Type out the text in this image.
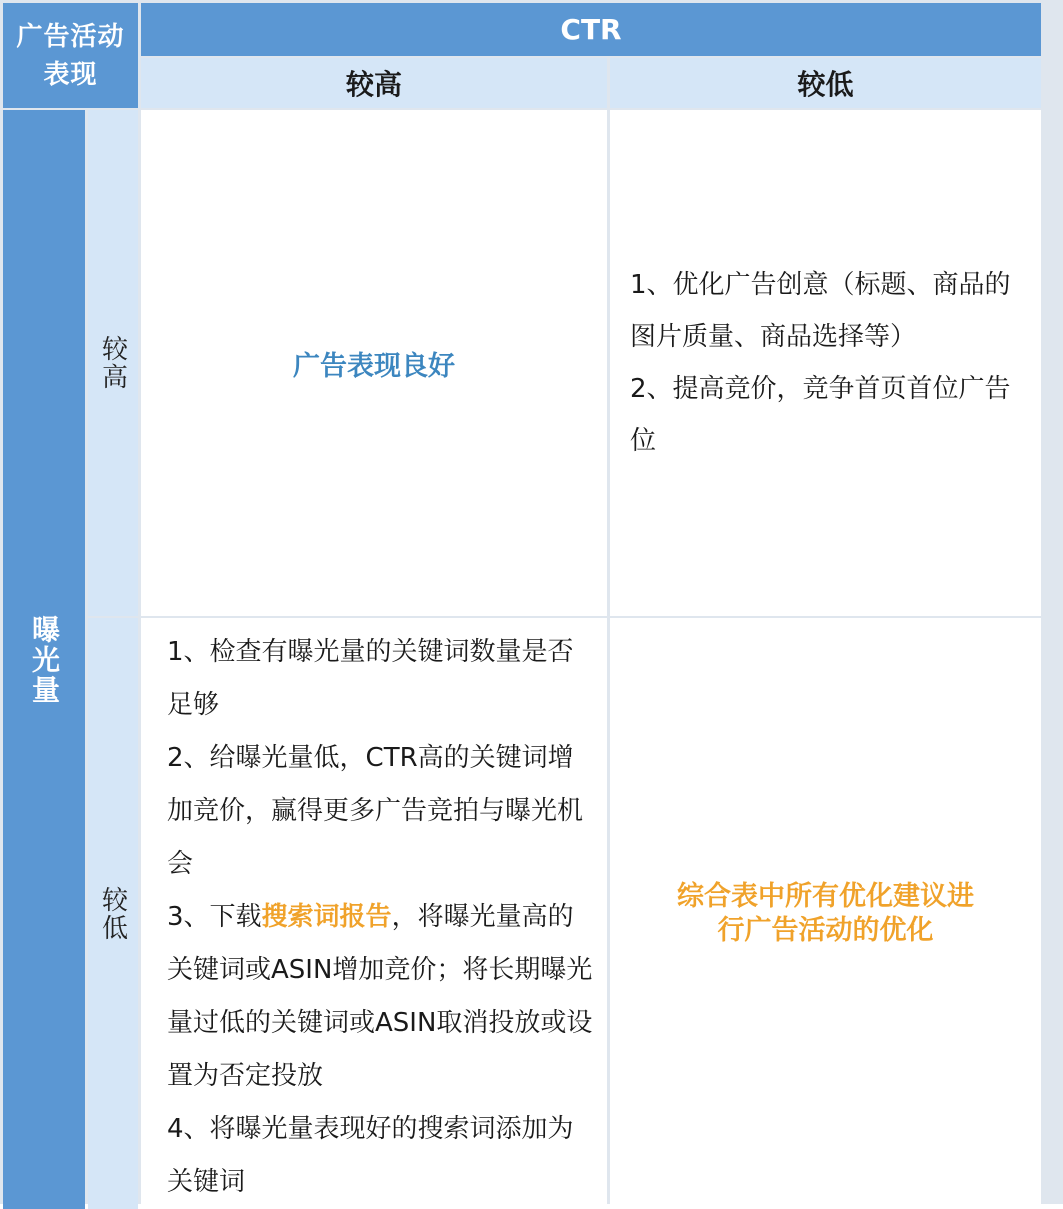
广告活动表现
CTR
较高	较低
曝光量
较高
较低
广告表现良好
1、优化广告创意（标题、商品的图片质量、商品选择等）
2、提高竞价，竞争首页首位广告位
1、检查有曝光量的关键词数量是否足够
2、给曝光量低，CTR高的关键词增加竞价，赢得更多广告竞拍与曝光机会
3、下载搜索词报告，将曝光量高的关键词或ASIN增加竞价；将长期曝光量过低的关键词或ASIN取消投放或设置为否定投放
4、将曝光量表现好的搜索词添加为关键词
综合表中所有优化建议进行广告活动的优化
